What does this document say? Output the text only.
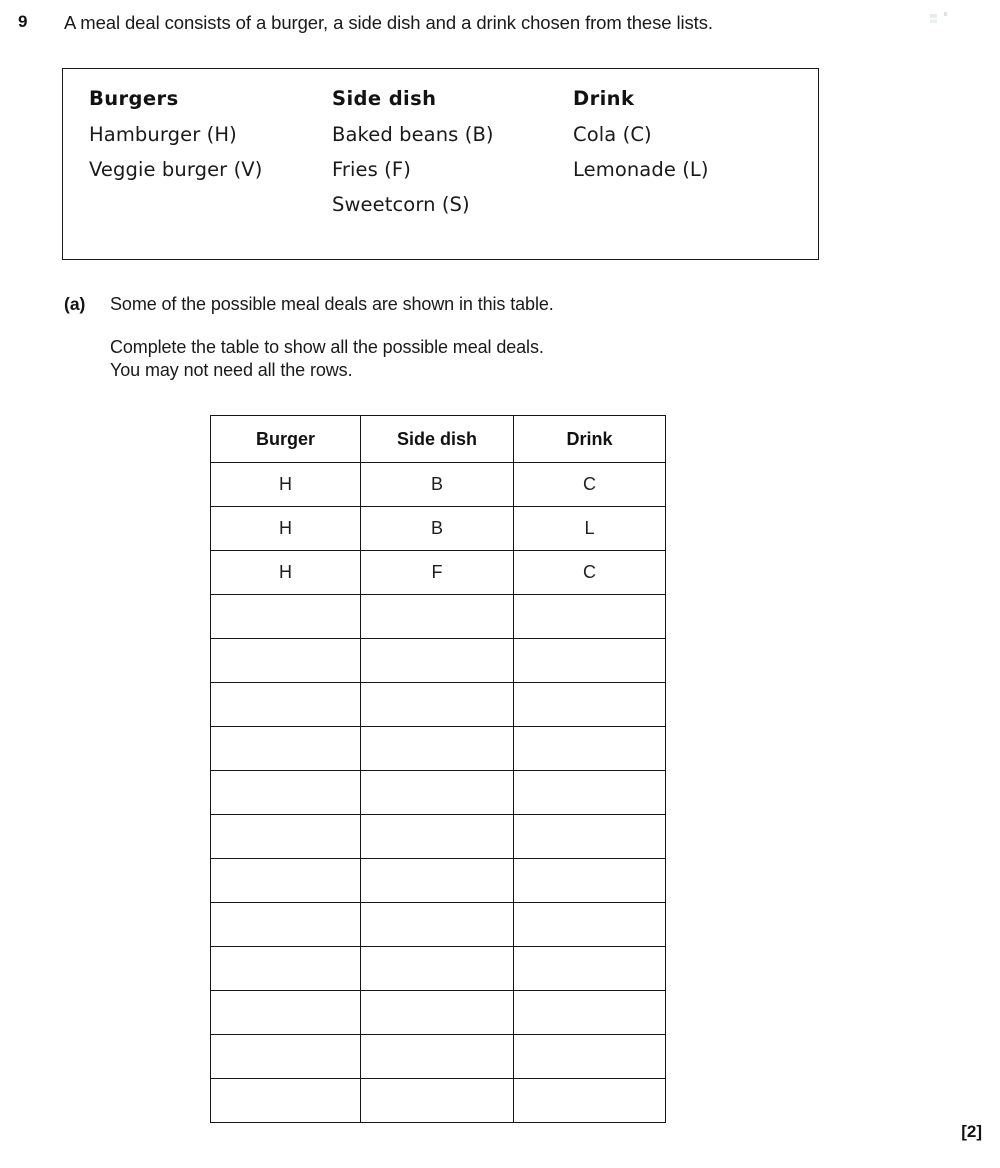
9 A meal deal consists of a burger, a side dish and a drink chosen from these lists.
Burgers
Hamburger (H)
Veggie burger (V)
Side dish
Baked beans (B)
Fries (F)
Sweetcorn (S)
Drink
Cola (C)
Lemonade (L)
(a) Some of the possible meal deals are shown in this table.
Complete the table to show all the possible meal deals.
You may not need all the rows.
Burger	Side dish	Drink
H	B	C
H	B	L
H	F	C

[2]
